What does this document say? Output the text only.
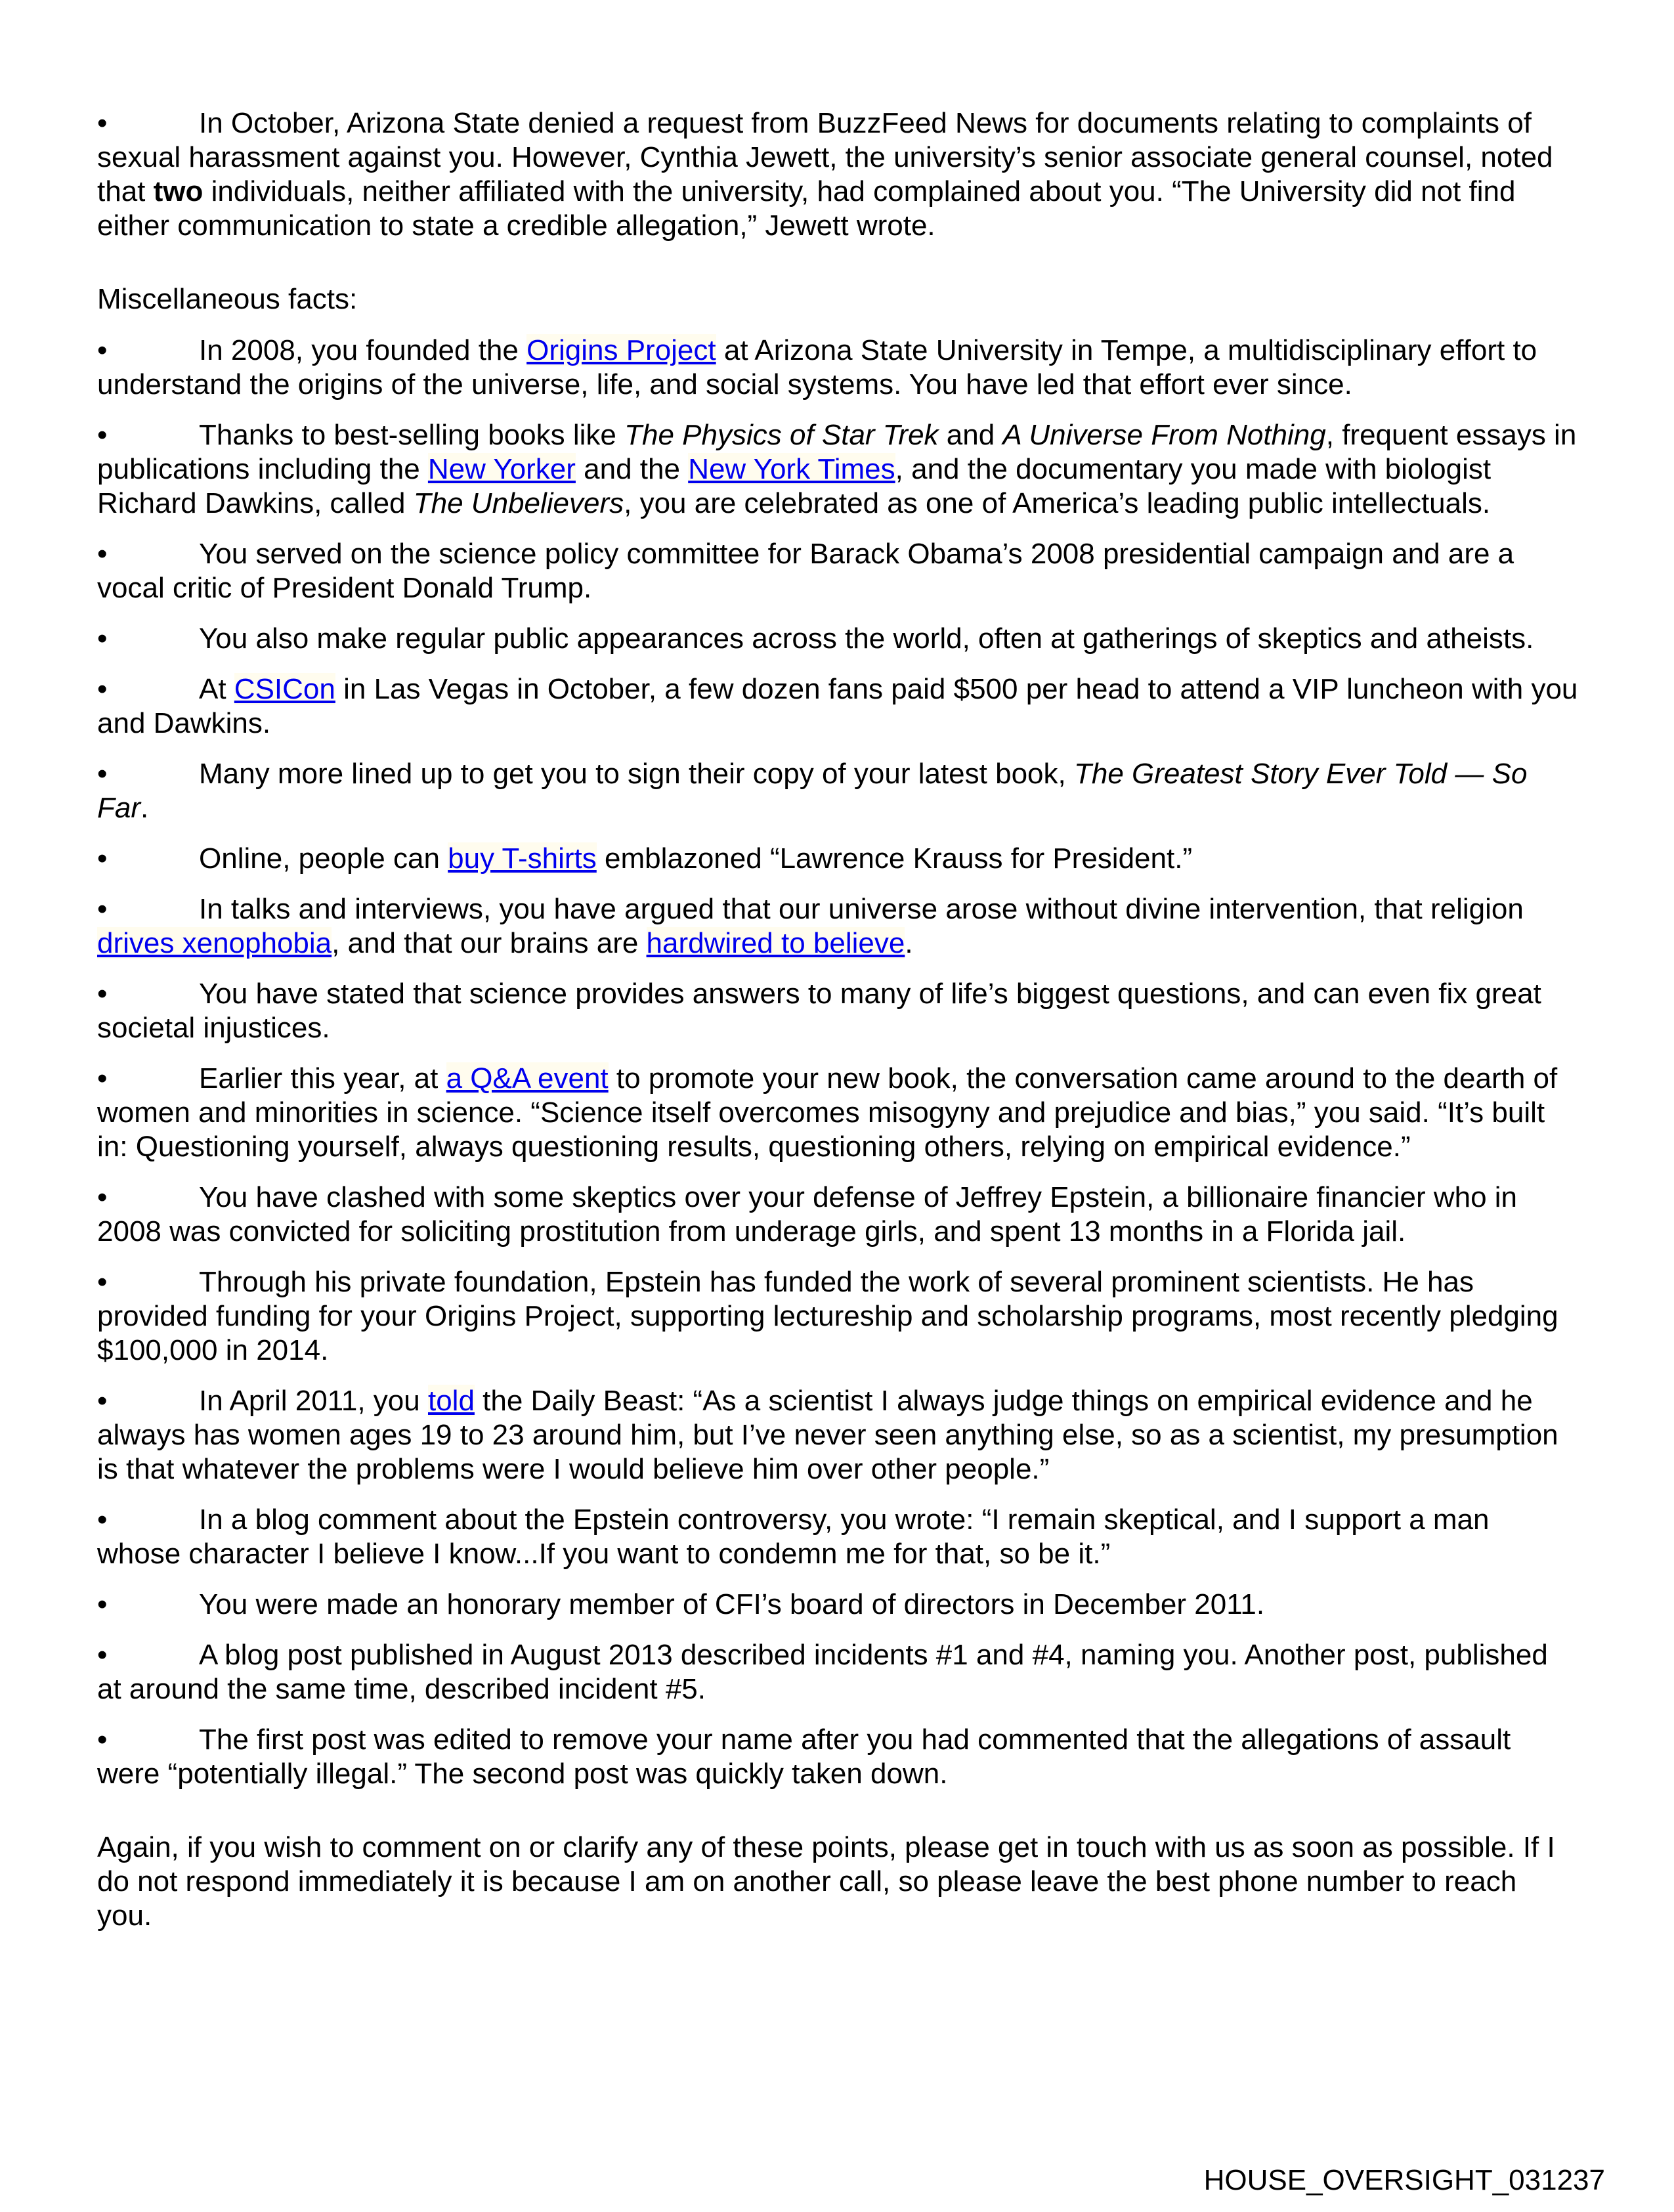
•	In October, Arizona State denied a request from BuzzFeed News for documents relating to complaints of sexual harassment against you. However, Cynthia Jewett, the university’s senior associate general counsel, noted that two individuals, neither affiliated with the university, had complained about you. “The University did not find either communication to state a credible allegation,” Jewett wrote.

Miscellaneous facts:

•	In 2008, you founded the Origins Project at Arizona State University in Tempe, a multidisciplinary effort to understand the origins of the universe, life, and social systems. You have led that effort ever since.

•	Thanks to best-selling books like The Physics of Star Trek and A Universe From Nothing, frequent essays in publications including the New Yorker and the New York Times, and the documentary you made with biologist Richard Dawkins, called The Unbelievers, you are celebrated as one of America’s leading public intellectuals.

•	You served on the science policy committee for Barack Obama’s 2008 presidential campaign and are a vocal critic of President Donald Trump.

•	You also make regular public appearances across the world, often at gatherings of skeptics and atheists.

•	At CSICon in Las Vegas in October, a few dozen fans paid $500 per head to attend a VIP luncheon with you and Dawkins.

•	Many more lined up to get you to sign their copy of your latest book, The Greatest Story Ever Told — So Far.

•	Online, people can buy T-shirts emblazoned “Lawrence Krauss for President.”

•	In talks and interviews, you have argued that our universe arose without divine intervention, that religion drives xenophobia, and that our brains are hardwired to believe.

•	You have stated that science provides answers to many of life’s biggest questions, and can even fix great societal injustices.

•	Earlier this year, at a Q&A event to promote your new book, the conversation came around to the dearth of women and minorities in science. “Science itself overcomes misogyny and prejudice and bias,” you said. “It’s built in: Questioning yourself, always questioning results, questioning others, relying on empirical evidence.”

•	You have clashed with some skeptics over your defense of Jeffrey Epstein, a billionaire financier who in 2008 was convicted for soliciting prostitution from underage girls, and spent 13 months in a Florida jail.

•	Through his private foundation, Epstein has funded the work of several prominent scientists. He has provided funding for your Origins Project, supporting lectureship and scholarship programs, most recently pledging $100,000 in 2014.

•	In April 2011, you told the Daily Beast: “As a scientist I always judge things on empirical evidence and he always has women ages 19 to 23 around him, but I’ve never seen anything else, so as a scientist, my presumption is that whatever the problems were I would believe him over other people.”

•	In a blog comment about the Epstein controversy, you wrote: “I remain skeptical, and I support a man whose character I believe I know...If you want to condemn me for that, so be it.”

•	You were made an honorary member of CFI’s board of directors in December 2011.

•	A blog post published in August 2013 described incidents #1 and #4, naming you. Another post, published at around the same time, described incident #5.

•	The first post was edited to remove your name after you had commented that the allegations of assault were “potentially illegal.” The second post was quickly taken down.

Again, if you wish to comment on or clarify any of these points, please get in touch with us as soon as possible. If I do not respond immediately it is because I am on another call, so please leave the best phone number to reach you.

HOUSE_OVERSIGHT_031237
